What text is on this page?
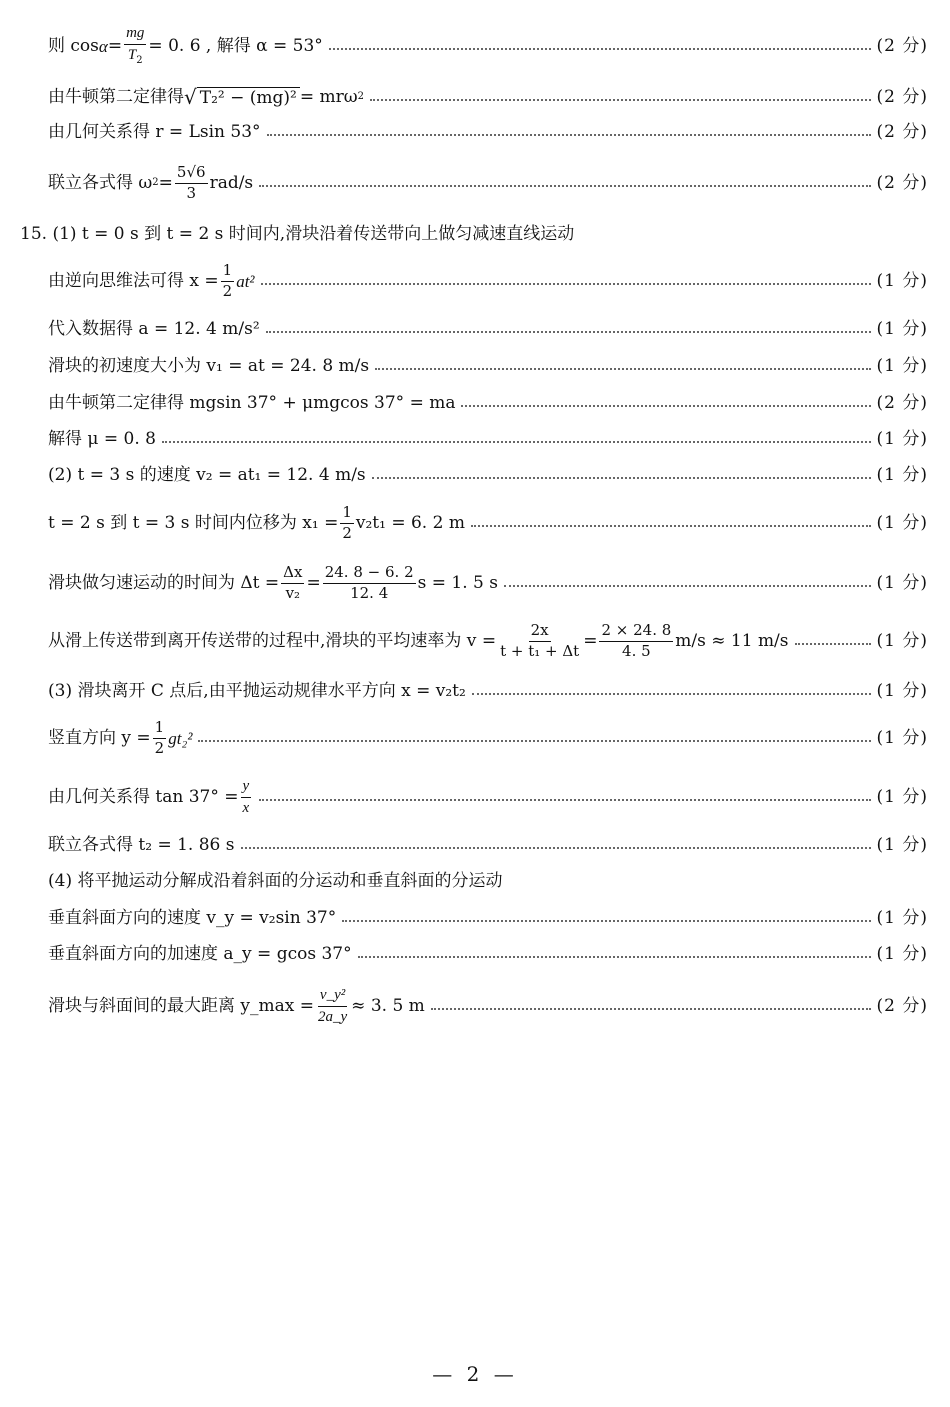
则 $\cos \alpha = \frac{mg}{T_2} = 0$. 6 , 解得 α = 53°	(2 分)
由牛顿第二定律得 √ T₂² − (mg)² = mrω 2	(2 分)
由几何关系得 r = Lsin 53°	(2 分)
联立各式得 ω $2 = \frac{5√6}{3} rad/s$	(2 分)
15. (1) t = 0 s 到 t = 2 s 时间内,滑块沿着传送带向上做匀减速直线运动
由逆向思维法可得 $x = \frac{1}{2} at^2$	(1 分)
代入数据得 a = 12. 4 m/s²	(1 分)
滑块的初速度大小为 v₁ = at = 24. 8 m/s	(1 分)
由牛顿第二定律得 mgsin 37° + μmgcos 37° = ma	(2 分)
解得 μ = 0. 8	(1 分)
(2) t = 3 s 的速度 v₂ = at₁ = 12. 4 m/s	(1 分)
t = 2 s 到 t = 3 s 时间内位移为 $x_1 = \frac{1}{2} v_2t_1 = 6$. 2 m	(1 分)
滑块做匀速运动的时间为 $\Delta t = \frac{\Delta x}{\text{v₂}} = \frac{24. 8 - 6. 2}{12. 4}$ s = 1. 5 s	(1 分)
从滑上传送带到离开传送带的过程中,滑块的平均速率为 $v = \frac{2x}{\text{t + t₁ + Δt}} = \frac{2 \times 24. 8}{4. 5} m/s \approx 11$ m/s	(1 分)
(3) 滑块离开 C 点后,由平抛运动规律水平方向 x = v₂t₂	(1 分)
竖直方向 $y = \frac{1}{2} gt_2^2$	(1 分)
由几何关系得 $\tan 37^\circ = \frac{y}{x}$	(1 分)
联立各式得 t₂ = 1. 86 s	(1 分)
(4) 将平抛运动分解成沿着斜面的分运动和垂直斜面的分运动
垂直斜面方向的速度 v_y = v₂sin 37°	(1 分)
垂直斜面方向的加速度 a_y = gcos 37°	(1 分)
滑块与斜面间的最大距离 y_max = $\frac{\text{v\_y²}}{2a\_y} \approx 3$. 5 m	(2 分)
— 2 —
